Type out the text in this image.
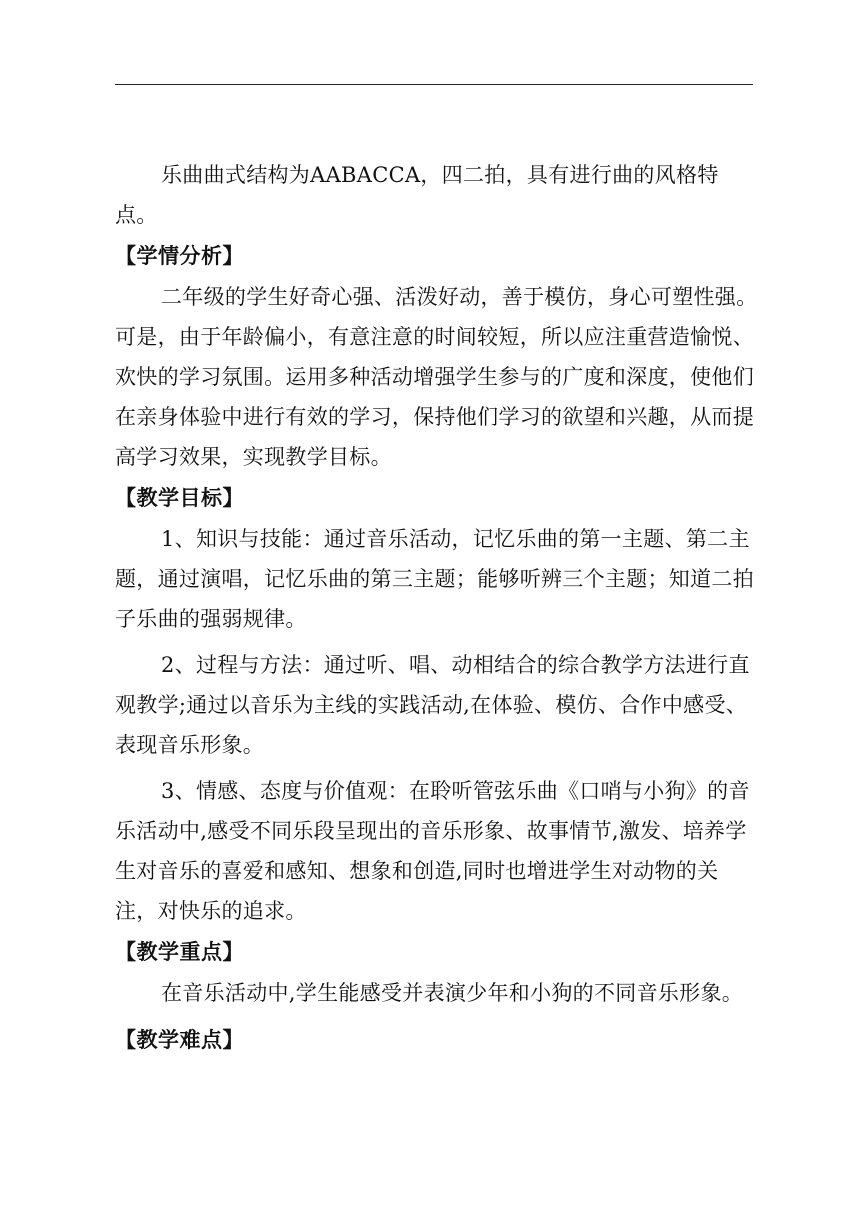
乐曲曲式结构为AABACCA，四二拍，具有进行曲的风格特点。

【学情分析】

二年级的学生好奇心强、活泼好动，善于模仿，身心可塑性强。可是，由于年龄偏小，有意注意的时间较短，所以应注重营造愉悦、欢快的学习氛围。运用多种活动增强学生参与的广度和深度，使他们在亲身体验中进行有效的学习，保持他们学习的欲望和兴趣，从而提高学习效果，实现教学目标。

【教学目标】

1、知识与技能：通过音乐活动，记忆乐曲的第一主题、第二主题，通过演唱，记忆乐曲的第三主题；能够听辨三个主题；知道二拍子乐曲的强弱规律。

2、过程与方法：通过听、唱、动相结合的综合教学方法进行直观教学;通过以音乐为主线的实践活动,在体验、模仿、合作中感受、表现音乐形象。

3、情感、态度与价值观：在聆听管弦乐曲《口哨与小狗》的音乐活动中,感受不同乐段呈现出的音乐形象、故事情节,激发、培养学生对音乐的喜爱和感知、想象和创造,同时也增进学生对动物的关注，对快乐的追求。

【教学重点】

在音乐活动中,学生能感受并表演少年和小狗的不同音乐形象。

【教学难点】
